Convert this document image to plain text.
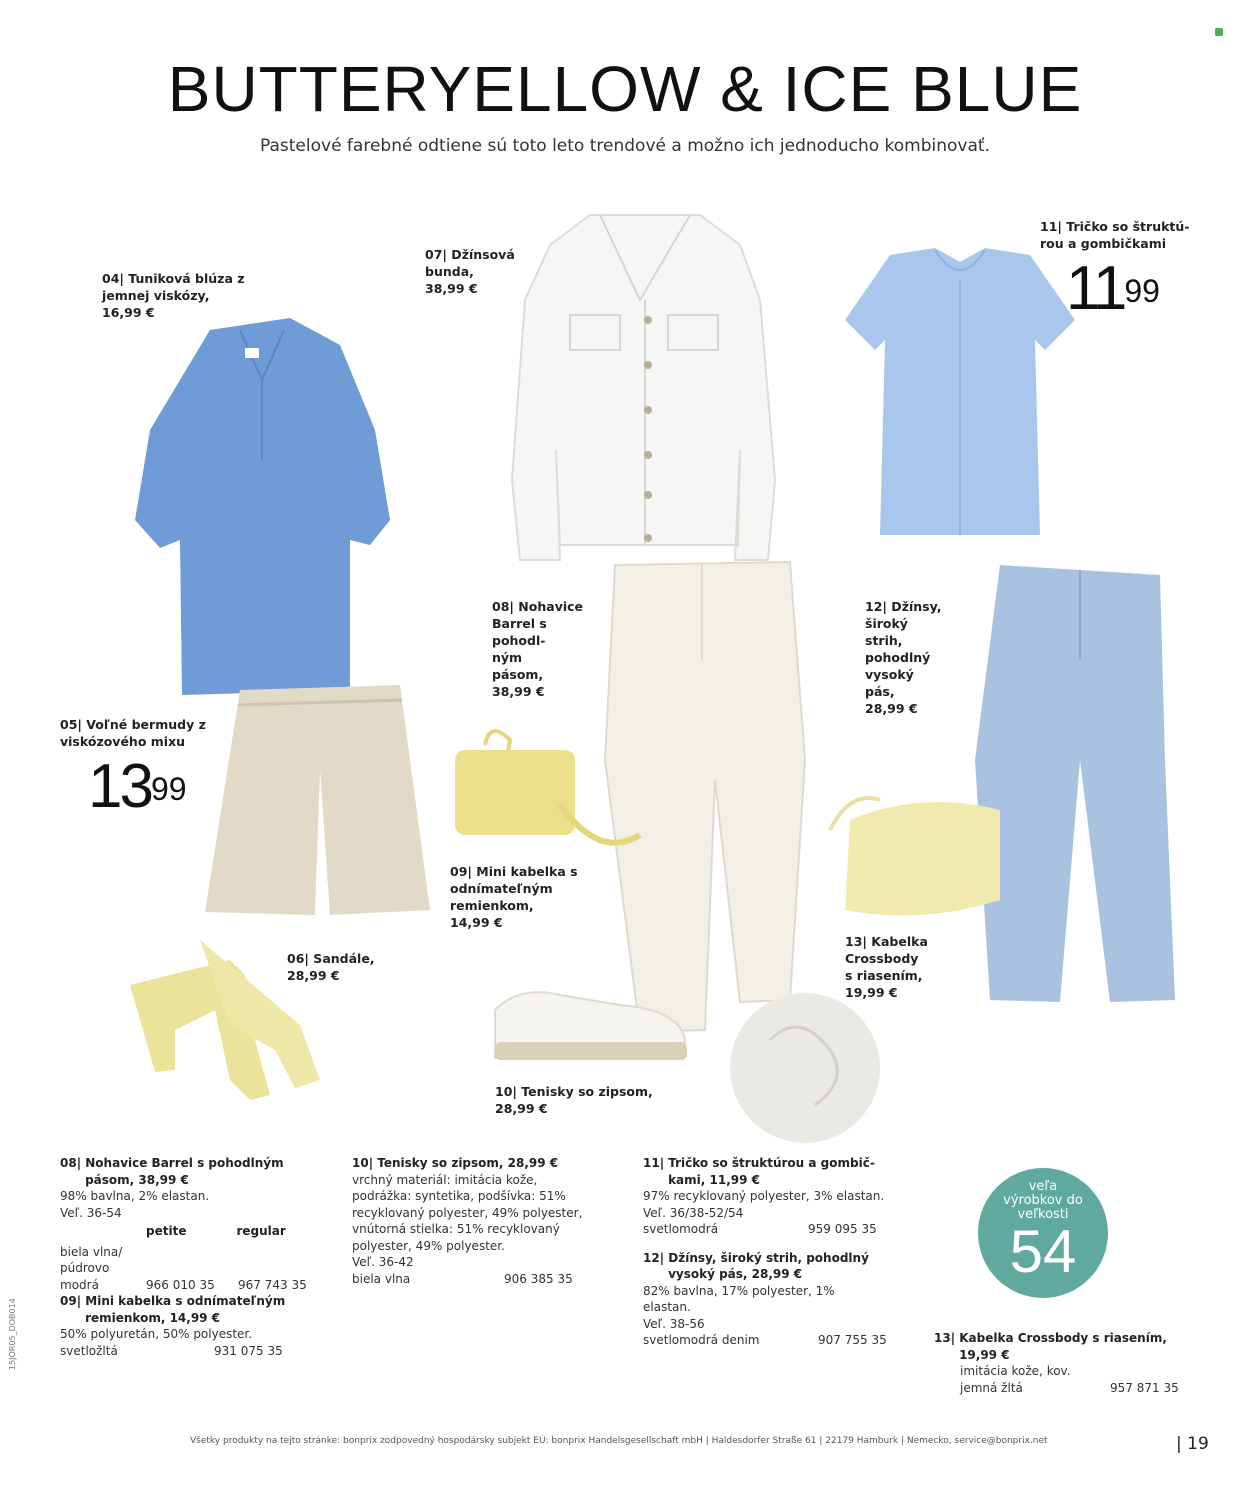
BUTTERYELLOW & ICE BLUE
Pastelové farebné odtiene sú toto leto trendové a možno ich jednoducho kombinovať.
04| Tuniková blúza z
jemnej viskózy,
16,99 €
07| Džínsová
bunda,
38,99 €
11| Tričko so štruktú-
rou a gombičkami
$11^{99}$
08| Nohavice
Barrel s
pohodl-
ným
pásom,
38,99 €
12| Džínsy,
široký
strih,
pohodlný
vysoký
pás,
28,99 €
05| Voľné bermudy z
viskózového mixu
$13^{99}$
09| Mini kabelka s
odnímateľným
remienkom,
14,99 €
06| Sandále,
28,99 €
13| Kabelka
Crossbody
s riasením,
19,99 €
10| Tenisky so zipsom,
28,99 €
08| Nohavice Barrel s pohodlným
pásom, 38,99 €
98% bavlna, 2% elastan.
Veľ. 36-54
petite	regular
biela vlna/
púdrovo
modrá	966 010 35	967 743 35
09| Mini kabelka s odnímateľným
remienkom, 14,99 €
50% polyuretán, 50% polyester.
svetložltá	931 075 35
10| Tenisky so zipsom, 28,99 €
vrchný materiál: imitácia kože,
podrážka: syntetika, podšívka: 51%
recyklovaný polyester, 49% polyester,
vnútorná stielka: 51% recyklovaný
polyester, 49% polyester.
Veľ. 36-42
biela vlna	906 385 35
11| Tričko so štruktúrou a gombič-
kami, 11,99 €
97% recyklovaný polyester, 3% elastan.
Veľ. 36/38-52/54
svetlomodrá	959 095 35
12| Džínsy, široký strih, pohodlný
vysoký pás, 28,99 €
82% bavlna, 17% polyester, 1%
elastan.
Veľ. 38-56
svetlomodrá denim	907 755 35
veľa
výrobkov do
veľkosti
54
13| Kabelka Crossbody s riasením,
19,99 €
imitácia kože, kov.
jemná žltá	957 871 35
Všetky produkty na tejto stránke: bonprix zodpovedný hospodársky subjekt EÚ: bonprix Handelsgesellschaft mbH | Haldesdorfer Straße 61 | 22179 Hamburk | Nemecko, service@bonprix.net	| 19
15JOR05_DOB014
